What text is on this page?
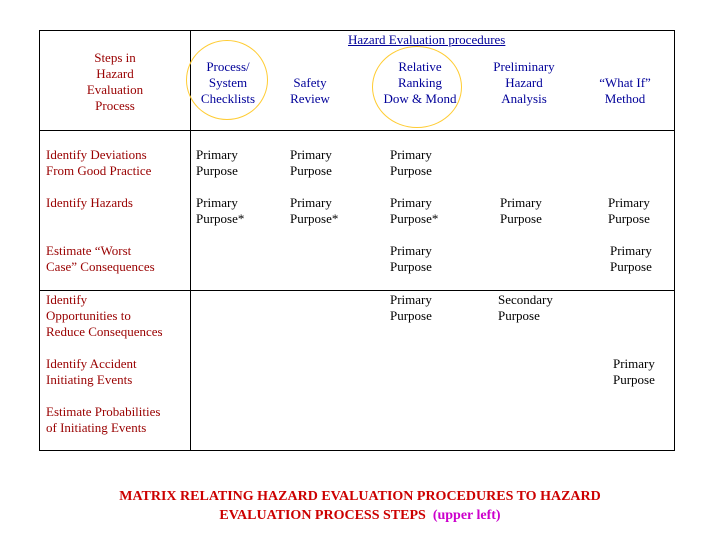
Hazard Evaluation procedures
Steps in
Hazard
Evaluation
Process
Process/
System
Checklists
Safety
Review
Relative
Ranking
Dow & Mond
Preliminary
Hazard
Analysis
“What If”
Method
Identify Deviations
From Good Practice
Identify Hazards
Estimate “Worst
Case” Consequences
Identify
Opportunities to
Reduce Consequences
Identify Accident
Initiating Events
Estimate Probabilities
of Initiating Events
Primary
Purpose
Primary
Purpose
Primary
Purpose
Primary
Purpose*
Primary
Purpose*
Primary
Purpose*
Primary
Purpose
Primary
Purpose
Primary
Purpose
Primary
Purpose
Primary
Purpose
Secondary
Purpose
Primary
Purpose
MATRIX RELATING HAZARD EVALUATION PROCEDURES TO HAZARD
EVALUATION PROCESS STEPS (upper left)
